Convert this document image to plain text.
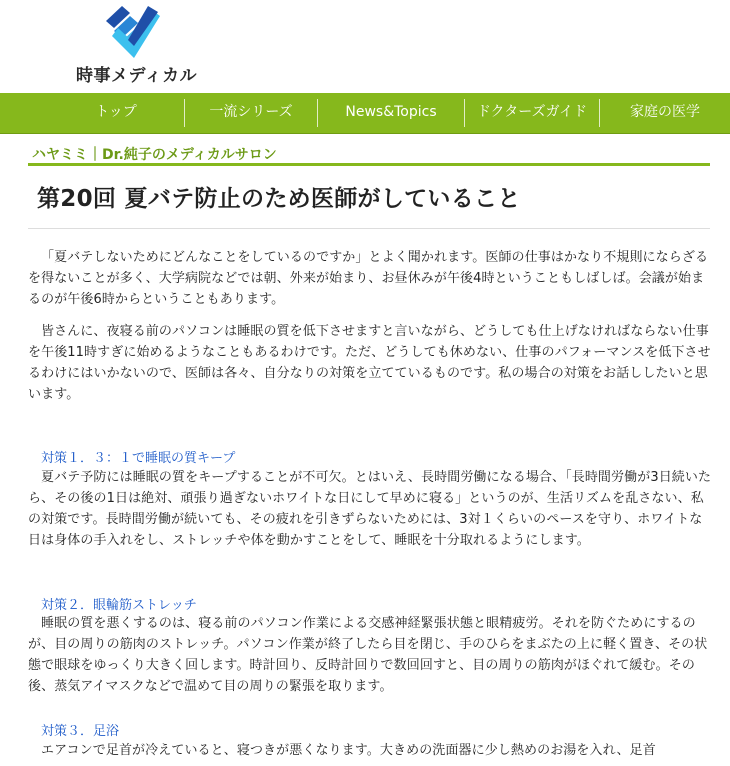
時事メディカル
トップ	一流シリーズ	News&Topics	ドクターズガイド	家庭の医学
ハヤミミ｜Dr.純子のメディカルサロン
第20回 夏バテ防止のため医師がしていること

「夏バテしないためにどんなことをしているのですか」とよく聞かれます。医師の仕事はかなり不規則にならざるを得ないことが多く、大学病院などでは朝、外来が始まり、お昼休みが午後4時ということもしばしば。会議が始まるのが午後6時からということもあります。

皆さんに、夜寝る前のパソコンは睡眠の質を低下させますと言いながら、どうしても仕上げなければならない仕事を午後11時すぎに始めるようなこともあるわけです。ただ、どうしても休めない、仕事のパフォーマンスを低下させるわけにはいかないので、医師は各々、自分なりの対策を立てているものです。私の場合の対策をお話ししたいと思います。

対策１．３：１で睡眠の質キープ

夏バテ予防には睡眠の質をキープすることが不可欠。とはいえ、長時間労働になる場合、「長時間労働が3日続いたら、その後の1日は絶対、頑張り過ぎないホワイトな日にして早めに寝る」というのが、生活リズムを乱さない、私の対策です。長時間労働が続いても、その疲れを引きずらないためには、3対１くらいのペースを守り、ホワイトな日は身体の手入れをし、ストレッチや体を動かすことをして、睡眠を十分取れるようにします。

対策２．眼輪筋ストレッチ

睡眠の質を悪くするのは、寝る前のパソコン作業による交感神経緊張状態と眼精疲労。それを防ぐためにするのが、目の周りの筋肉のストレッチ。パソコン作業が終了したら目を閉じ、手のひらをまぶたの上に軽く置き、その状態で眼球をゆっくり大きく回します。時計回り、反時計回りで数回回すと、目の周りの筋肉がほぐれて緩む。その後、蒸気アイマスクなどで温めて目の周りの緊張を取ります。

対策３．足浴

エアコンで足首が冷えていると、寝つきが悪くなります。大きめの洗面器に少し熱めのお湯を入れ、足首
